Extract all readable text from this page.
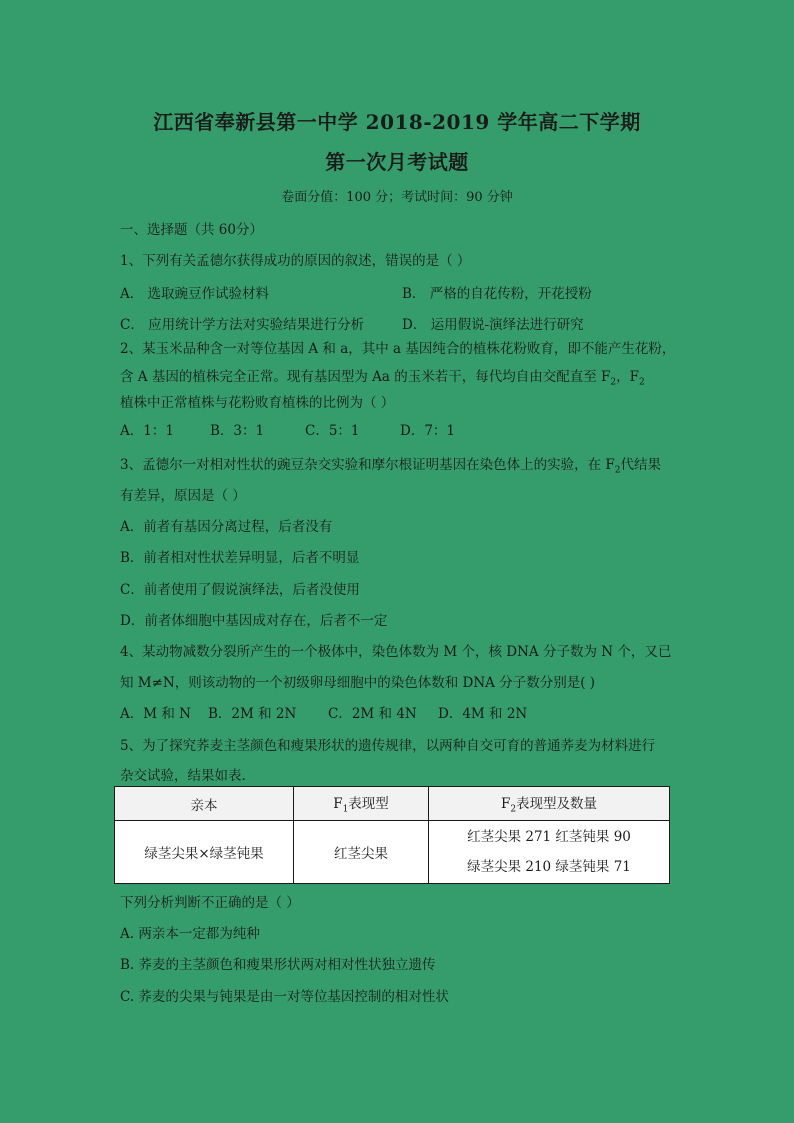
江西省奉新县第一中学 2018-2019 学年高二下学期
第一次月考试题
卷面分值：100 分；考试时间：90 分钟
一、选择题（共 60分）
1、下列有关孟德尔获得成功的原因的叙述，错误的是（ ）
A． 选取豌豆作试验材料	B． 严格的自花传粉，开花授粉
C． 应用统计学方法对实验结果进行分析	D． 运用假说-演绎法进行研究
2、某玉米品种含一对等位基因 A 和 a，其中 a 基因纯合的植株花粉败育，即不能产生花粉，
含 A 基因的植株完全正常。现有基因型为 Aa 的玉米若干，每代均自由交配直至 $F_2$，$F_2$
植株中正常植株与花粉败育植株的比例为（ ）
A．1：1	B．3：1	C．5：1	D．7：1
3、孟德尔一对相对性状的豌豆杂交实验和摩尔根证明基因在染色体上的实验，在 $F_2$代结果
有差异，原因是（ ）
A．前者有基因分离过程，后者没有
B．前者相对性状差异明显，后者不明显
C．前者使用了假说演绎法，后者没使用
D．前者体细胞中基因成对存在，后者不一定
4、某动物减数分裂所产生的一个极体中，染色体数为 M 个，核 DNA 分子数为 N 个，又已
知 M≠N，则该动物的一个初级卵母细胞中的染色体数和 DNA 分子数分别是( )
A．M 和 N B．2M 和 2N C．2M 和 4N D．4M 和 2N
5、为了探究荞麦主茎颜色和瘦果形状的遗传规律，以两种自交可育的普通荞麦为材料进行
杂交试验，结果如表.
亲本	$F_1$表现型	$F_2$表现型及数量
绿茎尖果×绿茎钝果	红茎尖果	红茎尖果 271 红茎钝果 90
绿茎尖果 210 绿茎钝果 71
下列分析判断不正确的是（ ）
A. 两亲本一定都为纯种
B. 荞麦的主茎颜色和瘦果形状两对相对性状独立遗传
C. 荞麦的尖果与钝果是由一对等位基因控制的相对性状
